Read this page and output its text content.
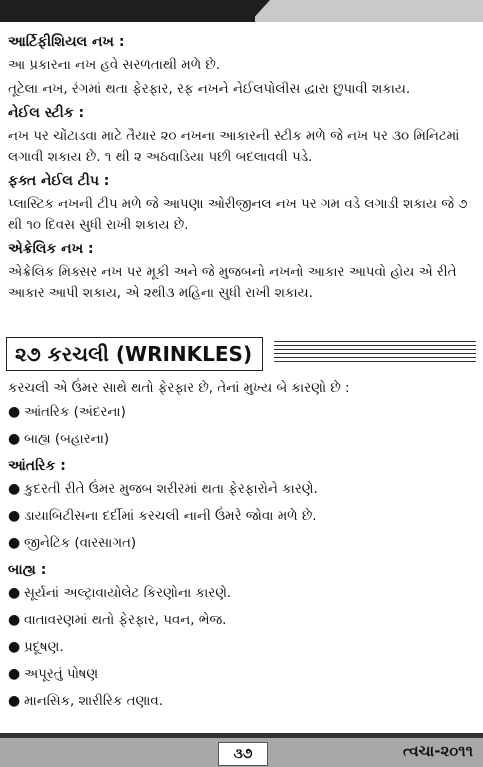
આર્ટિફીશિયલ નખ :
આ પ્રકારના નખ હવે સરળતાથી મળે છે.
તૂટેલા નખ, રંગમાં થતા ફેરફાર, રફ નખને નેઈલપોલીસ દ્વારા છુપાવી શકાય.
નેઈલ સ્ટીક :
નખ પર ચોંટાડવા માટે તૈયાર ૨૦ નખના આકારની સ્ટીક મળે જે નખ પર ૩૦ મિનિટમાં લગાવી શકાય છે. ૧ થી ૨ અઠવાડિયા પછી બદલાવવી પડે.
ફક્ત નેઈલ ટીપ :
પ્લાસ્ટિક નખની ટીપ મળે જે આપણા ઓરીજીનલ નખ પર ગમ વડે લગાડી શકાય જે ૭ થી ૧૦ દિવસ સુધી રાખી શકાય છે.
એક્રેલિક નખ :
એક્રેલિક મિક્સર નખ પર મૂકી અને જે મુજબનો નખનો આકાર આપવો હોય એ રીતે આકાર આપી શકાય, એ ૨થી૩ મહિના સુધી રાખી શકાય.
૨૭ કરચલી (WRINKLES)
કરચલી એ ઉંમર સાથે થતો ફેરફાર છે, તેનાં મુખ્ય બે કારણો છે :
● આંતરિક (અંદરના)
● બાહ્ય (બહારના)
આંતરિક :
● કુદરતી રીતે ઉંમર મુજબ શરીરમાં થતા ફેરફારોને કારણે.
● ડાયાબિટીસના દર્દીમાં કરચલી નાની ઉંમરે જોવા મળે છે.
● જીનેટિક (વારસાગત)
બાહ્ય :
● સૂર્યનાં અલ્ટ્રાવાયોલેટ કિરણોના કારણે.
● વાતાવરણમાં થતો ફેરફાર, પવન, ભેજ.
● પ્રદૂષણ.
● અપૂરતું પોષણ
● માનસિક, શારીરિક તણાવ.
૩૭	ત્વચા-૨૦૧૧
